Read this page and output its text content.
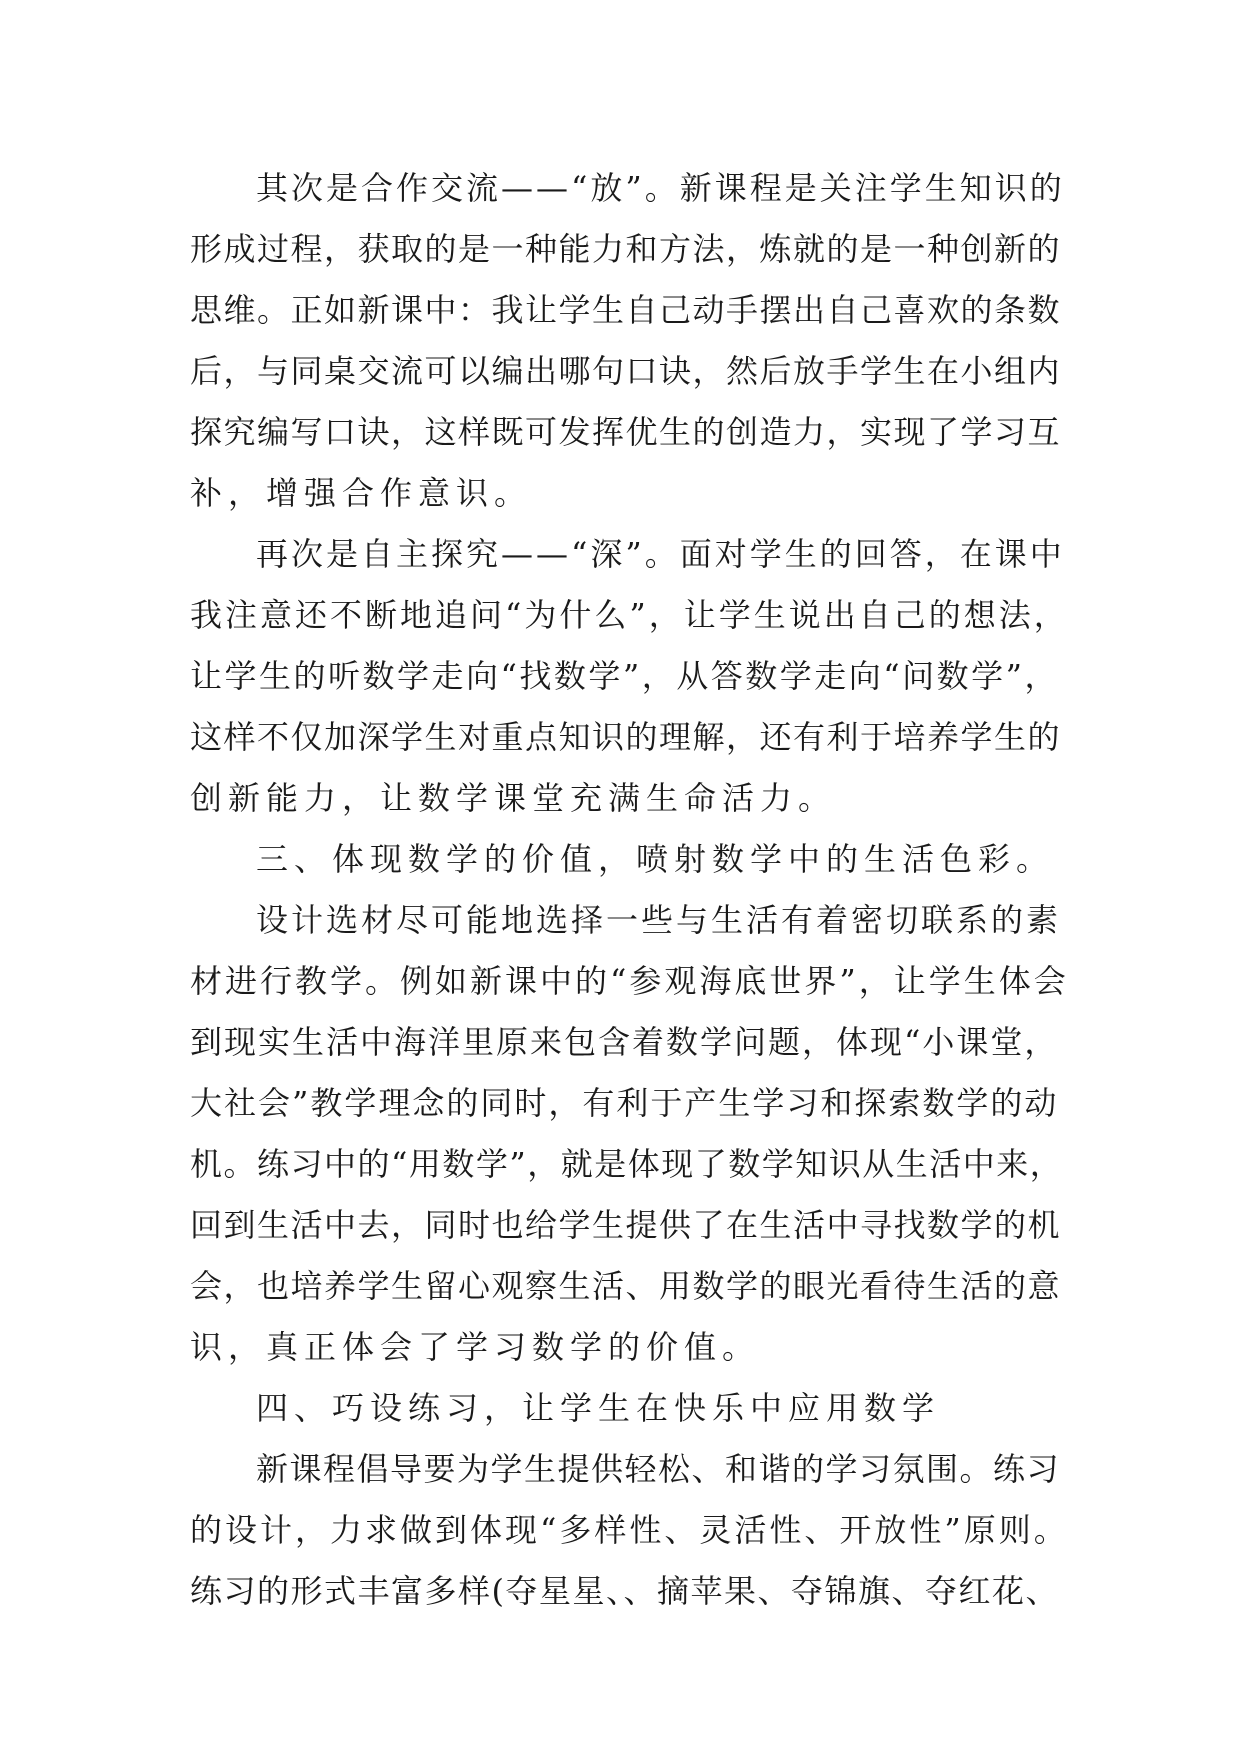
其次是合作交流——“放”。新课程是关注学生知识的
形成过程，获取的是一种能力和方法，炼就的是一种创新的
思维。正如新课中：我让学生自己动手摆出自己喜欢的条数
后，与同桌交流可以编出哪句口诀，然后放手学生在小组内
探究编写口诀，这样既可发挥优生的创造力，实现了学习互
补，增强合作意识。
再次是自主探究——“深”。面对学生的回答，在课中
我注意还不断地追问“为什么”，让学生说出自己的想法，
让学生的听数学走向“找数学”，从答数学走向“问数学”，
这样不仅加深学生对重点知识的理解，还有利于培养学生的
创新能力，让数学课堂充满生命活力。
三、体现数学的价值，喷射数学中的生活色彩。
设计选材尽可能地选择一些与生活有着密切联系的素
材进行教学。例如新课中的“参观海底世界”，让学生体会
到现实生活中海洋里原来包含着数学问题，体现“小课堂，
大社会”教学理念的同时，有利于产生学习和探索数学的动
机。练习中的“用数学”，就是体现了数学知识从生活中来，
回到生活中去，同时也给学生提供了在生活中寻找数学的机
会，也培养学生留心观察生活、用数学的眼光看待生活的意
识，真正体会了学习数学的价值。
四、巧设练习，让学生在快乐中应用数学
新课程倡导要为学生提供轻松、和谐的学习氛围。练习
的设计，力求做到体现“多样性、灵活性、开放性”原则。
练习的形式丰富多样(夺星星、、摘苹果、夺锦旗、夺红花、
